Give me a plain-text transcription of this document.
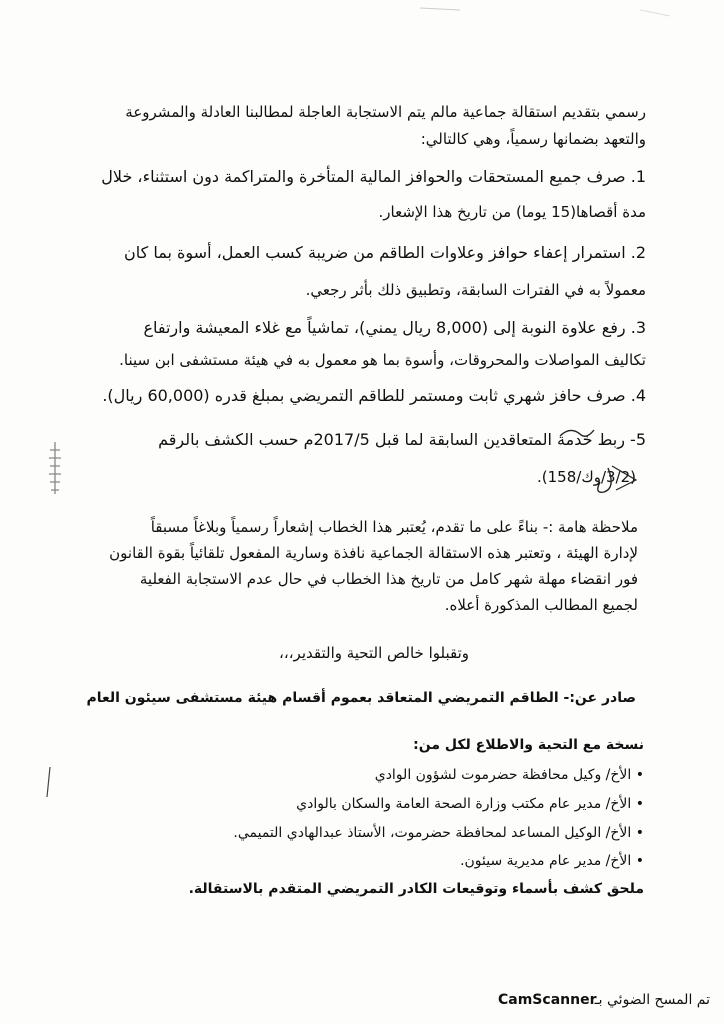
رسمي بتقديم استقالة جماعية مالم يتم الاستجابة العاجلة لمطالبنا العادلة والمشروعة
والتعهد بضمانها رسمياً، وهي كالتالي:
1. صرف جميع المستحقات والحوافز المالية المتأخرة والمتراكمة دون استثناء، خلال
مدة أقصاها(15 يوما) من تاريخ هذا الإشعار.
2. استمرار إعفاء حوافز وعلاوات الطاقم من ضريبة كسب العمل، أسوة بما كان
معمولاً به في الفترات السابقة، وتطبيق ذلك بأثر رجعي.
3. رفع علاوة النوبة إلى (8,000 ريال يمني)، تماشياً مع غلاء المعيشة وارتفاع
تكاليف المواصلات والمحروقات، وأسوة بما هو معمول به في هيئة مستشفى ابن سينا.
4. صرف حافز شهري ثابت ومستمر للطاقم التمريضي بمبلغ قدره (60,000 ريال).
5- ربط خدمة المتعاقدين السابقة لما قبل 2017/5م حسب الكشف بالرقم
(3/2/وك/158).
ملاحظة هامة :- بناءً على ما تقدم، يُعتبر هذا الخطاب إشعاراً رسمياً وبلاغاً مسبقاً
لإدارة الهيئة ، وتعتبر هذه الاستقالة الجماعية نافذة وسارية المفعول تلقائياً بقوة القانون
فور انقضاء مهلة شهر كامل من تاريخ هذا الخطاب في حال عدم الاستجابة الفعلية
لجميع المطالب المذكورة أعلاه.
وتقبلوا خالص التحية والتقدير،،،
صادر عن:- الطاقم التمريضي المتعاقد بعموم أقسام هيئة مستشفى سيئون العام
نسخة مع التحية والاطلاع لكل من:
• الأخ/ وكيل محافظة حضرموت لشؤون الوادي
• الأخ/ مدير عام مكتب وزارة الصحة العامة والسكان بالوادي
• الأخ/ الوكيل المساعد لمحافظة حضرموت، الأستاذ عبدالهادي التميمي.
• الأخ/ مدير عام مديرية سيئون.
ملحق كشف بأسماء وتوقيعات الكادر التمريضي المتقدم بالاستقالة.
تم المسح الضوئي بـ
CamScanner
